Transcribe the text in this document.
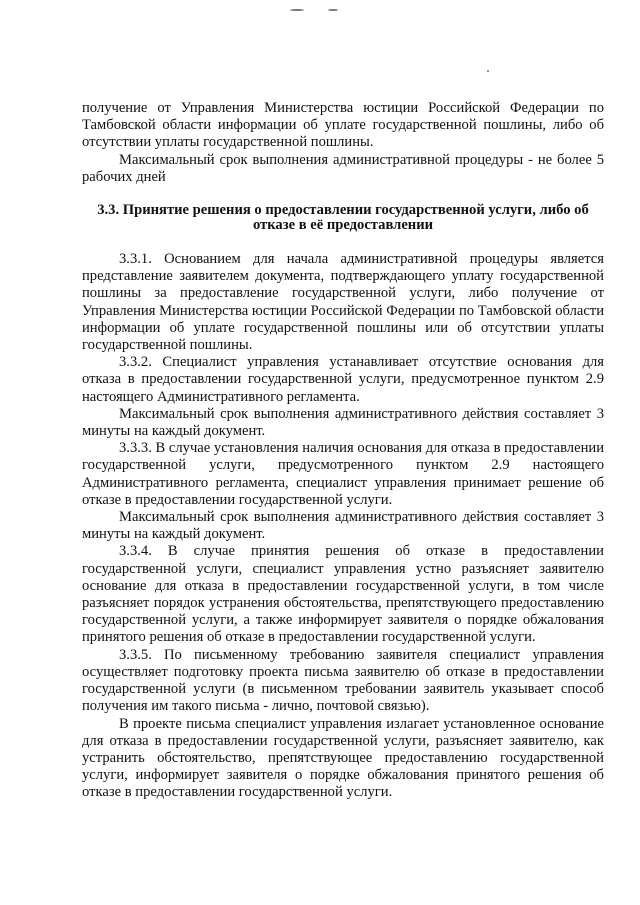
получение от Управления Министерства юстиции Российской Федерации по Тамбовской области информации об уплате государственной пошлины, либо об отсутствии уплаты государственной пошлины.

Максимальный срок выполнения административной процедуры - не более 5 рабочих дней

3.3. Принятие решения о предоставлении государственной услуги, либо об отказе в её предоставлении

3.3.1. Основанием для начала административной процедуры является представление заявителем документа, подтверждающего уплату государственной пошлины за предоставление государственной услуги, либо получение от Управления Министерства юстиции Российской Федерации по Тамбовской области информации об уплате государственной пошлины или об отсутствии уплаты государственной пошлины.

3.3.2. Специалист управления устанавливает отсутствие основания для отказа в предоставлении государственной услуги, предусмотренное пунктом 2.9 настоящего Административного регламента.

Максимальный срок выполнения административного действия составляет 3 минуты на каждый документ.

3.3.3. В случае установления наличия основания для отказа в предоставлении государственной услуги, предусмотренного пунктом 2.9 настоящего Административного регламента, специалист управления принимает решение об отказе в предоставлении государственной услуги.

Максимальный срок выполнения административного действия составляет 3 минуты на каждый документ.

3.3.4. В случае принятия решения об отказе в предоставлении государственной услуги, специалист управления устно разъясняет заявителю основание для отказа в предоставлении государственной услуги, в том числе разъясняет порядок устранения обстоятельства, препятствующего предоставлению государственной услуги, а также информирует заявителя о порядке обжалования принятого решения об отказе в предоставлении государственной услуги.

3.3.5. По письменному требованию заявителя специалист управления осуществляет подготовку проекта письма заявителю об отказе в предоставлении государственной услуги (в письменном требовании заявитель указывает способ получения им такого письма - лично, почтовой связью).

В проекте письма специалист управления излагает установленное основание для отказа в предоставлении государственной услуги, разъясняет заявителю, как устранить обстоятельство, препятствующее предоставлению государственной услуги, информирует заявителя о порядке обжалования принятого решения об отказе в предоставлении государственной услуги.
